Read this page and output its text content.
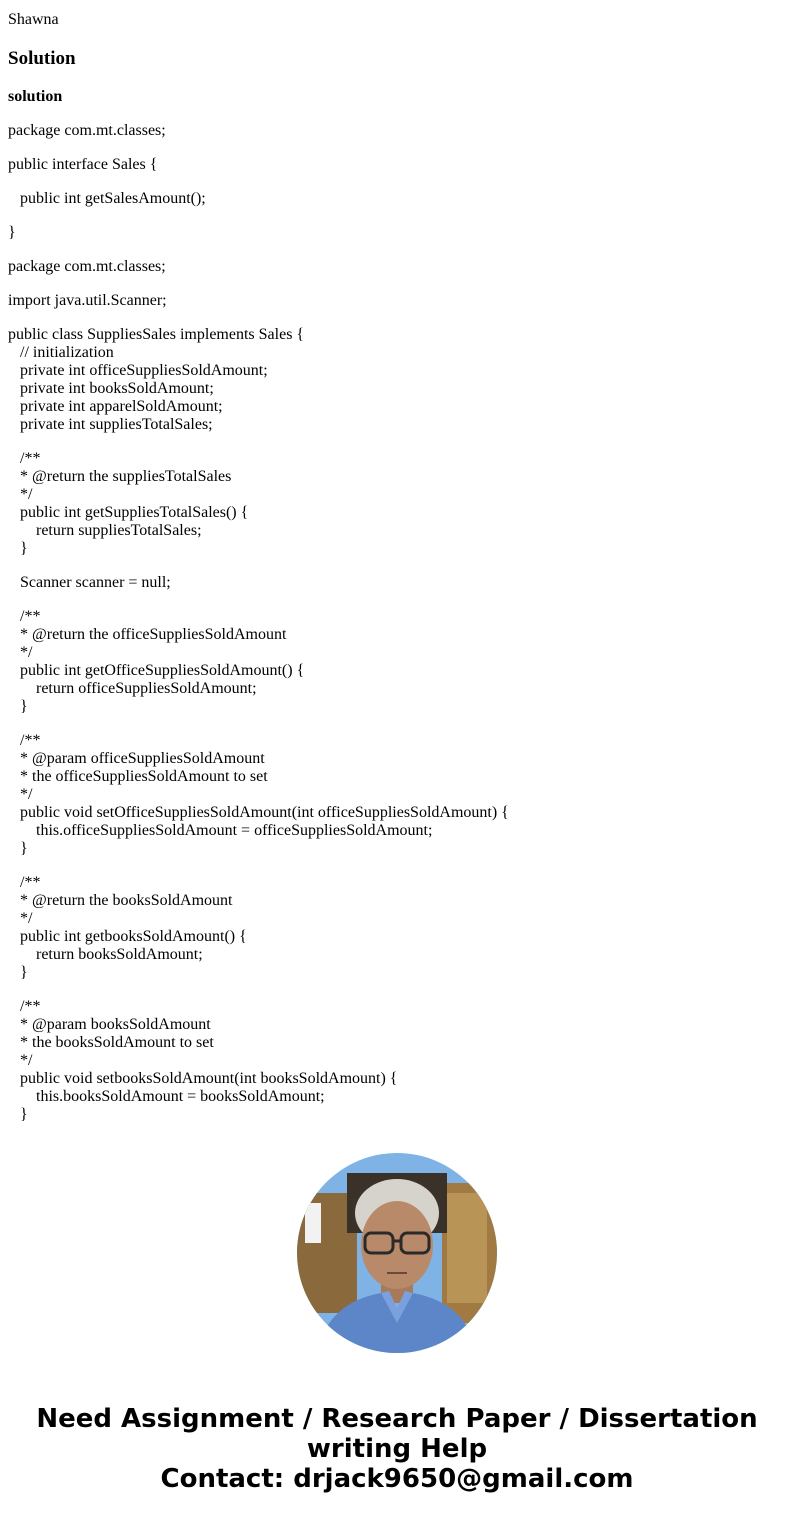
Shawna
Solution
solution
package com.mt.classes;
public interface Sales {
public int getSalesAmount();
}
package com.mt.classes;
import java.util.Scanner;
public class SuppliesSales implements Sales {
// initialization
private int officeSuppliesSoldAmount;
private int booksSoldAmount;
private int apparelSoldAmount;
private int suppliesTotalSales;
/**
* @return the suppliesTotalSales
*/
public int getSuppliesTotalSales() {
return suppliesTotalSales;
}
Scanner scanner = null;
/**
* @return the officeSuppliesSoldAmount
*/
public int getOfficeSuppliesSoldAmount() {
return officeSuppliesSoldAmount;
}
/**
* @param officeSuppliesSoldAmount
* the officeSuppliesSoldAmount to set
*/
public void setOfficeSuppliesSoldAmount(int officeSuppliesSoldAmount) {
this.officeSuppliesSoldAmount = officeSuppliesSoldAmount;
}
/**
* @return the booksSoldAmount
*/
public int getbooksSoldAmount() {
return booksSoldAmount;
}
/**
* @param booksSoldAmount
* the booksSoldAmount to set
*/
public void setbooksSoldAmount(int booksSoldAmount) {
this.booksSoldAmount = booksSoldAmount;
}
Need Assignment / Research Paper / Dissertation
writing Help
Contact: drjack9650@gmail.com
